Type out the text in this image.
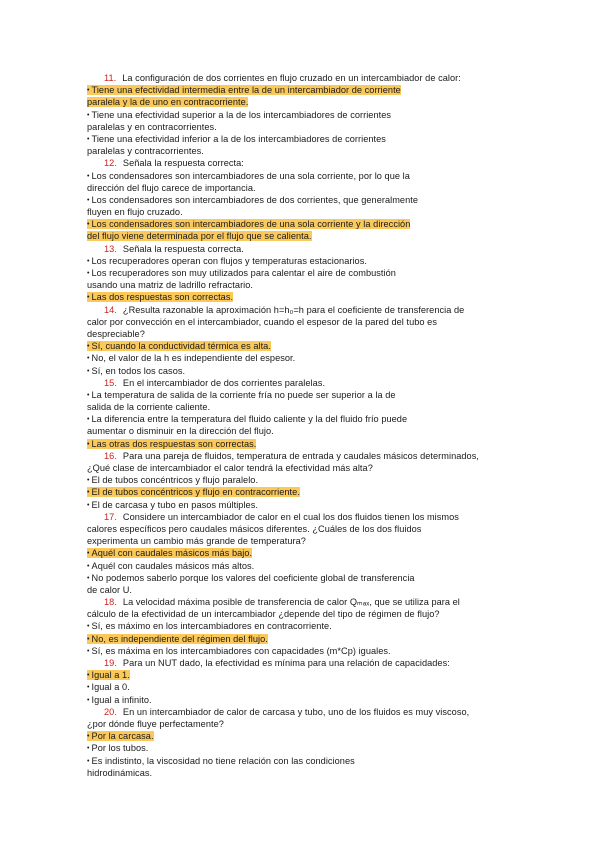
11. La configuración de dos corrientes en flujo cruzado en un intercambiador de calor:
• Tiene una efectividad intermedia entre la de un intercambiador de corriente
paralela y la de uno en contracorriente.
• Tiene una efectividad superior a la de los intercambiadores de corrientes
paralelas y en contracorrientes.
• Tiene una efectividad inferior a la de los intercambiadores de corrientes
paralelas y contracorrientes.
12. Señala la respuesta correcta:
• Los condensadores son intercambiadores de una sola corriente, por lo que la
dirección del flujo carece de importancia.
• Los condensadores son intercambiadores de dos corrientes, que generalmente
fluyen en flujo cruzado.
• Los condensadores son intercambiadores de una sola corriente y la dirección
del flujo viene determinada por el flujo que se calienta.
13. Señala la respuesta correcta.
• Los recuperadores operan con flujos y temperaturas estacionarios.
• Los recuperadores son muy utilizados para calentar el aire de combustión
usando una matriz de ladrillo refractario.
• Las dos respuestas son correctas.
14. ¿Resulta razonable la aproximación h=h₀=h para el coeficiente de transferencia de
calor por convección en el intercambiador, cuando el espesor de la pared del tubo es
despreciable?
• Sí, cuando la conductividad térmica es alta.
• No, el valor de la h es independiente del espesor.
• Sí, en todos los casos.
15. En el intercambiador de dos corrientes paralelas.
• La temperatura de salida de la corriente fría no puede ser superior a la de
salida de la corriente caliente.
• La diferencia entre la temperatura del fluido caliente y la del fluido frío puede
aumentar o disminuir en la dirección del flujo.
• Las otras dos respuestas son correctas.
16. Para una pareja de fluidos, temperatura de entrada y caudales másicos determinados,
¿Qué clase de intercambiador el calor tendrá la efectividad más alta?
• El de tubos concéntricos y flujo paralelo.
• El de tubos concéntricos y flujo en contracorriente.
• El de carcasa y tubo en pasos múltiples.
17. Considere un intercambiador de calor en el cual los dos fluidos tienen los mismos
calores específicos pero caudales másicos diferentes. ¿Cuáles de los dos fluidos
experimenta un cambio más grande de temperatura?
• Aquél con caudales másicos más bajo.
• Aquél con caudales másicos más altos.
• No podemos saberlo porque los valores del coeficiente global de transferencia
de calor U.
18. La velocidad máxima posible de transferencia de calor Qₘₐₓ, que se utiliza para el
cálculo de la efectividad de un intercambiador ¿depende del tipo de régimen de flujo?
• Sí, es máximo en los intercambiadores en contracorriente.
• No, es independiente del régimen del flujo.
• Sí, es máxima en los intercambiadores con capacidades (m*Cp) iguales.
19. Para un NUT dado, la efectividad es mínima para una relación de capacidades:
• Igual a 1.
• Igual a 0.
• Igual a infinito.
20. En un intercambiador de calor de carcasa y tubo, uno de los fluidos es muy viscoso,
¿por dónde fluye perfectamente?
• Por la carcasa.
• Por los tubos.
• Es indistinto, la viscosidad no tiene relación con las condiciones
hidrodinámicas.
